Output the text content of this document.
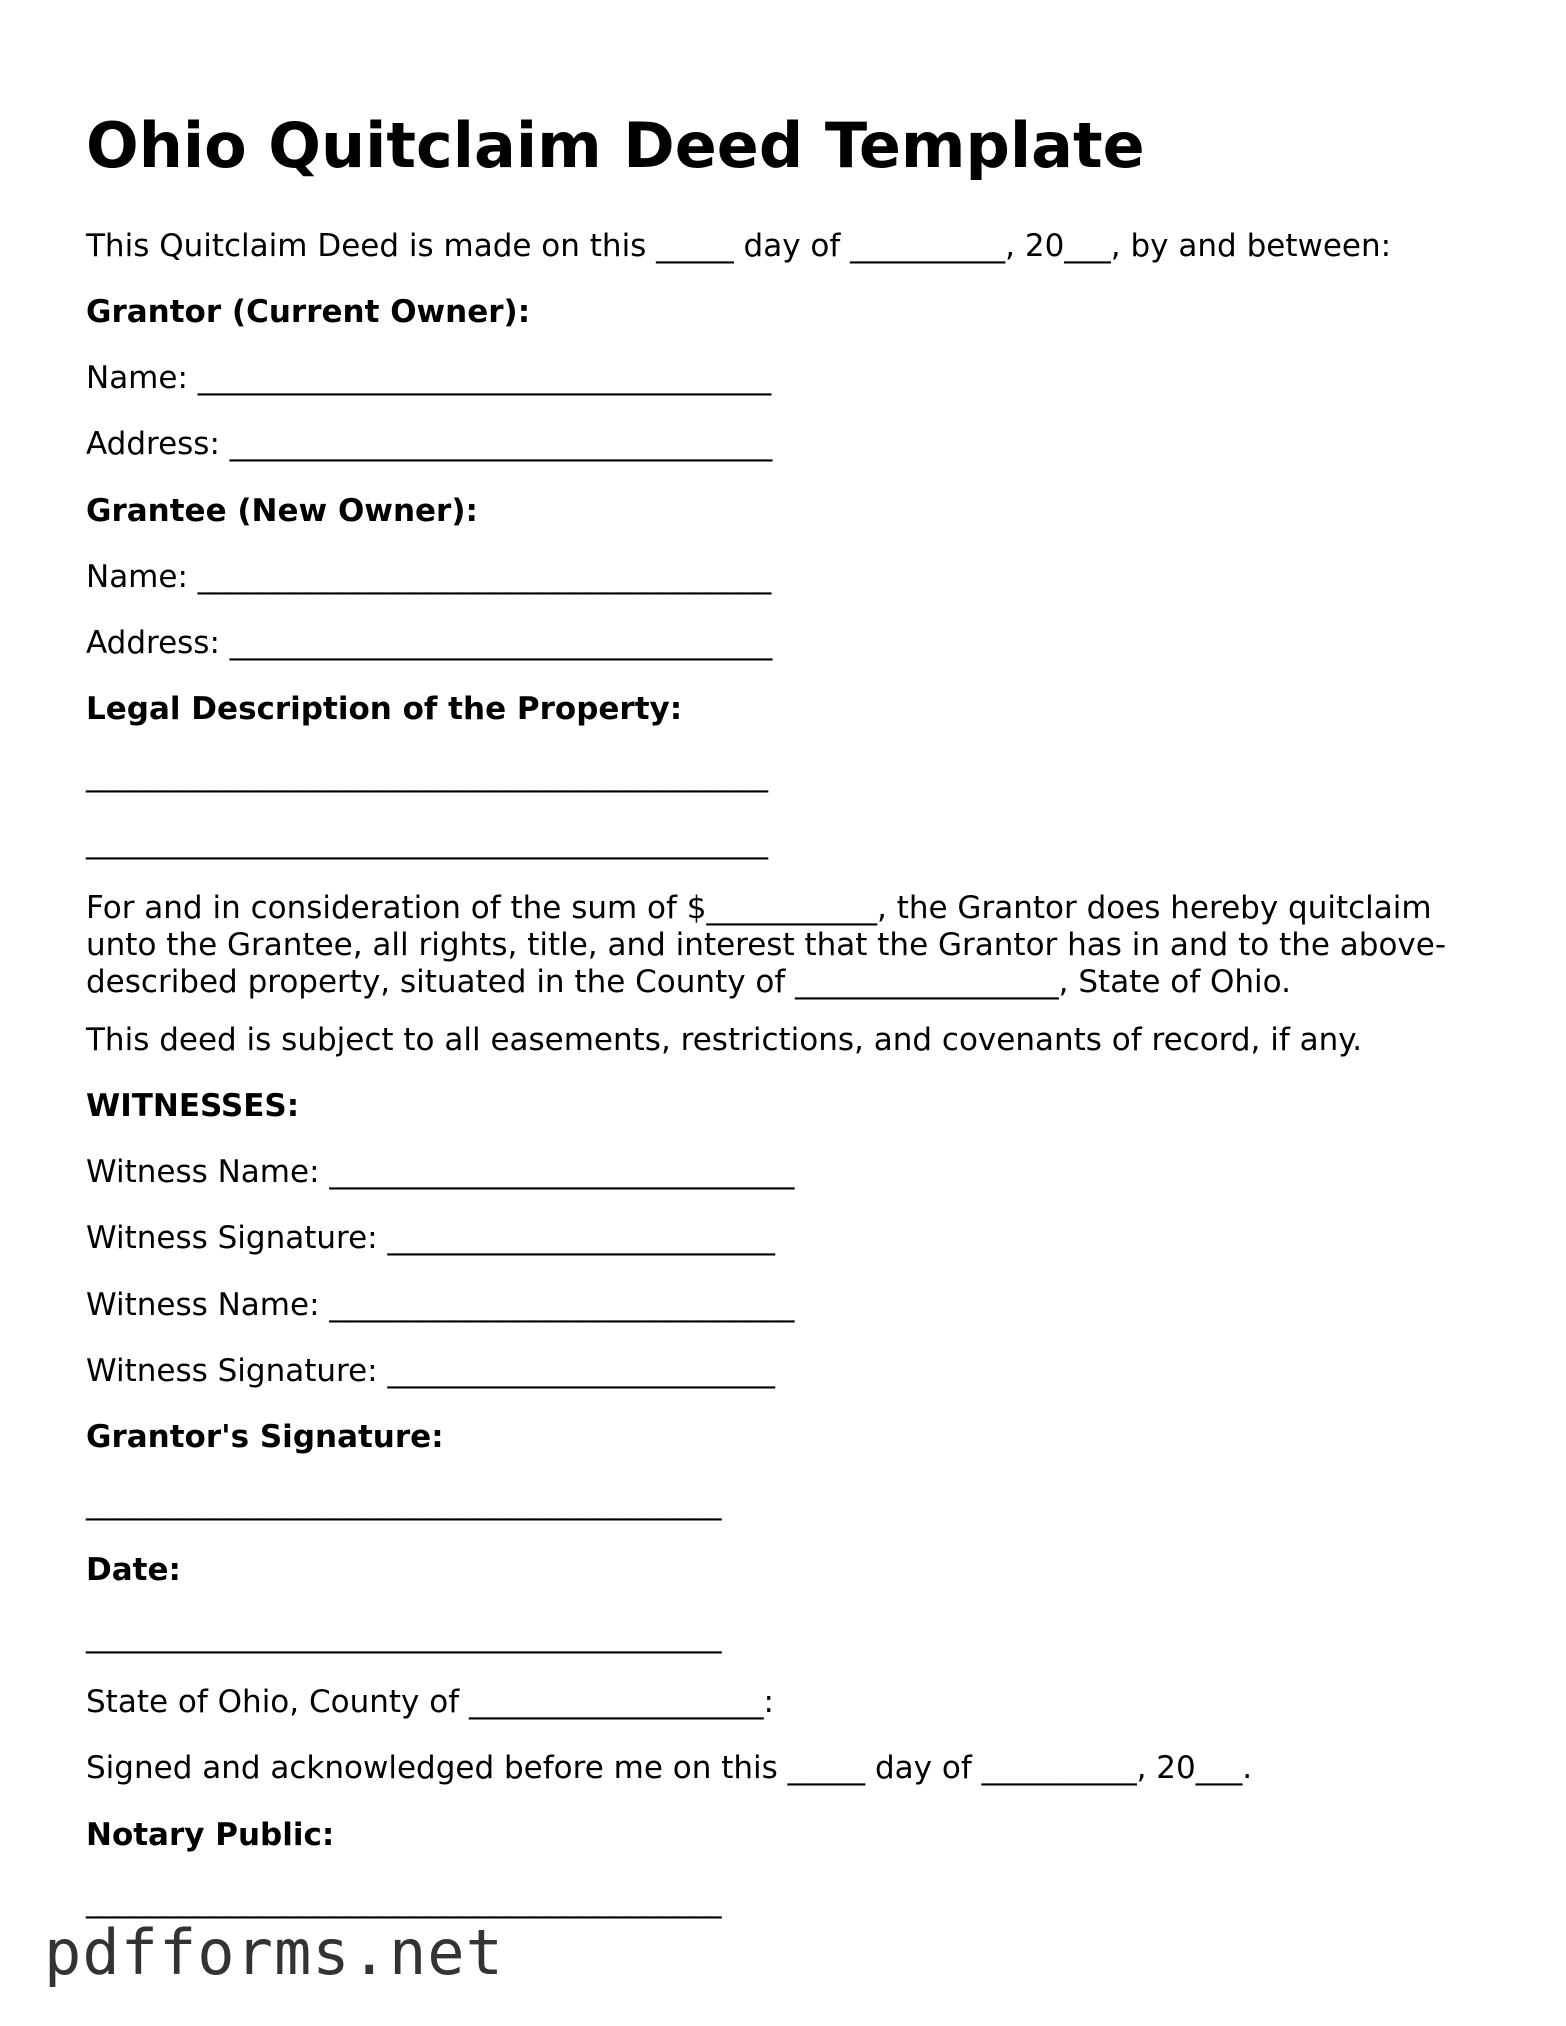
Ohio Quitclaim Deed Template

This Quitclaim Deed is made on this _____ day of __________, 20___, by and between:

Grantor (Current Owner):

Name: _____________________________________

Address: ___________________________________

Grantee (New Owner):

Name: _____________________________________

Address: ___________________________________

Legal Description of the Property:

____________________________________________

____________________________________________

For and in consideration of the sum of $___________, the Grantor does hereby quitclaim
unto the Grantee, all rights, title, and interest that the Grantor has in and to the above-
described property, situated in the County of _________________, State of Ohio.

This deed is subject to all easements, restrictions, and covenants of record, if any.

WITNESSES:

Witness Name: ______________________________

Witness Signature: _________________________

Witness Name: ______________________________

Witness Signature: _________________________

Grantor's Signature:

_________________________________________

Date:

_________________________________________

State of Ohio, County of ___________________:

Signed and acknowledged before me on this _____ day of __________, 20___.

Notary Public:

_________________________________________

pdfforms.net
